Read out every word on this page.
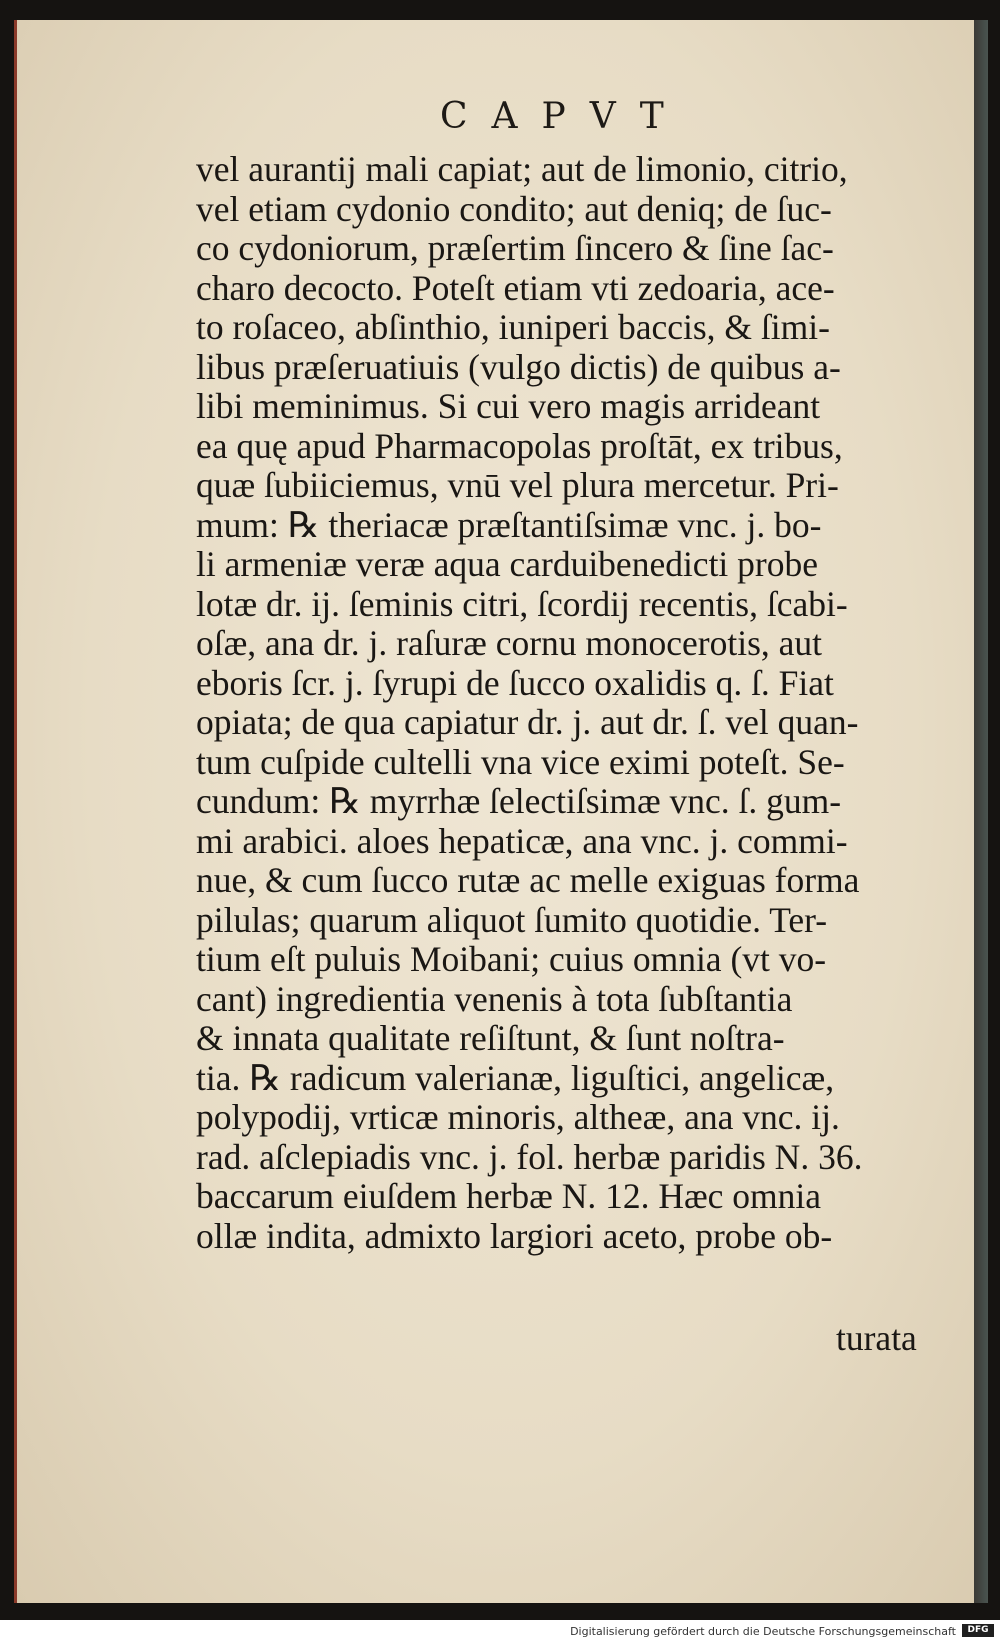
CAPVT
vel aurantij mali capiat; aut de limonio, citrio,
vel etiam cydonio condito; aut deniq; de ſuc-
co cydoniorum, præſertim ſincero & ſine ſac-
charo decocto. Poteſt etiam vti zedoaria, ace-
to roſaceo, abſinthio, iuniperi baccis, & ſimi-
libus præſeruatiuis (vulgo dictis) de quibus a-
libi meminimus. Si cui vero magis arrideant
ea quę apud Pharmacopolas proſtāt, ex tribus,
quæ ſubiiciemus, vnū vel plura mercetur. Pri-
mum: ℞ theriacæ præſtantiſsimæ vnc. j. bo-
li armeniæ veræ aqua carduibenedicti probe
lotæ dr. ij. ſeminis citri, ſcordij recentis, ſcabi-
oſæ, ana dr. j. raſuræ cornu monocerotis, aut
eboris ſcr. j. ſyrupi de ſucco oxalidis q. ſ. Fiat
opiata; de qua capiatur dr. j. aut dr. ſ. vel quan-
tum cuſpide cultelli vna vice eximi poteſt. Se-
cundum: ℞ myrrhæ ſelectiſsimæ vnc. ſ. gum-
mi arabici. aloes hepaticæ, ana vnc. j. commi-
nue, & cum ſucco rutæ ac melle exiguas forma
pilulas; quarum aliquot ſumito quotidie. Ter-
tium eſt puluis Moibani; cuius omnia (vt vo-
cant) ingredientia venenis à tota ſubſtantia
& innata qualitate reſiſtunt, & ſunt noſtra-
tia. ℞ radicum valerianæ, liguſtici, angelicæ,
polypodij, vrticæ minoris, altheæ, ana vnc. ij.
rad. aſclepiadis vnc. j. fol. herbæ paridis N. 36.
baccarum eiuſdem herbæ N. 12. Hæc omnia
ollæ indita, admixto largiori aceto, probe ob-
turata
Digitalisierung gefördert durch die Deutsche Forschungsgemeinschaft	DFG
